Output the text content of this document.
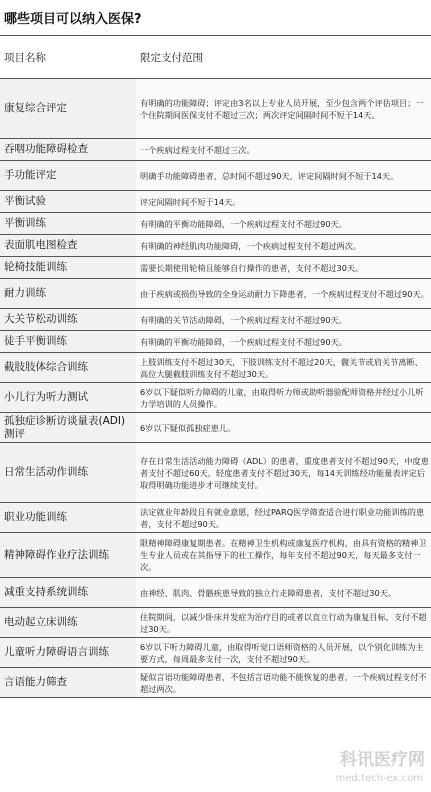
哪些项目可以纳入医保?
项目名称	限定支付范围
康复综合评定	有明确的功能障碍；评定由3名以上专业人员开展，至少包含两个评估项目；一个住院期间医保支付不超过三次；两次评定间隔时间不短于14天。
吞咽功能障碍检查	一个疾病过程支付不超过三次。
手功能评定	明确手功能障碍患者，总时间不超过90天，评定间隔时间不短于14天。
平衡试验	评定间隔时间不短于14天。
平衡训练	有明确的平衡功能障碍，一个疾病过程支付不超过90天。
表面肌电图检查	有明确的神经肌肉功能障碍，一个疾病过程支付不超过两次。
轮椅技能训练	需要长期使用轮椅且能够自行操作的患者，支付不超过30天。
耐力训练	由于疾病或损伤导致的全身运动耐力下降患者，一个疾病过程支付不超过90天。
大关节松动训练	有明确的关节活动障碍，一个疾病过程支付不超过90天。
徒手平衡训练	有明确的平衡功能障碍，一个疾病过程支付不超过90天。
截肢肢体综合训练	上肢训练支付不超过30天，下肢训练支付不超过20天，髋关节或肩关节离断、高位大腿截肢训练支付不超过30天。
小儿行为听力测试	6岁以下疑似听力障碍的儿童，由取得听力师或助听器验配师资格并经过小儿听力学培训的人员操作。
孤独症诊断访谈量表(ADI)测评	6岁以下疑似孤独症患儿。
日常生活动作训练	存在日常生活活动能力障碍（ADL）的患者，重度患者支付不超过90天，中度患者支付不超过60天，轻度患者支付不超过30天，每14天训练经功能量表评定后取得明确功能进步才可继续支付。
职业功能训练	法定就业年龄段且有就业意愿，经过PARQ医学筛查适合进行职业功能训练的患者，支付不超过90天。
精神障碍作业疗法训练	限精神障碍康复期患者。在精神卫生机构或康复医疗机构，由具有资格的精神卫生专业人员或在其指导下的社工操作，每年支付不超过90天，每天最多支付一次。
减重支持系统训练	由神经、肌肉、骨骼疾患导致的独立行走障碍患者，支付不超过30天。
电动起立床训练	住院期间，以减少卧床并发症为治疗目的或者以直立行动为康复目标，支付不超过30天。
儿童听力障碍语言训练	6岁以下听力障碍儿童，由取得听觉口语师资格的人员开展，以个别化训练为主要方式，每周最多支付一次，支付不超过90天。
言语能力筛查	疑似言语功能障碍患者，不包括言语功能不能恢复的患者，一个疾病过程支付不超过两次。
科讯医疗网
med.tech-ex.com
